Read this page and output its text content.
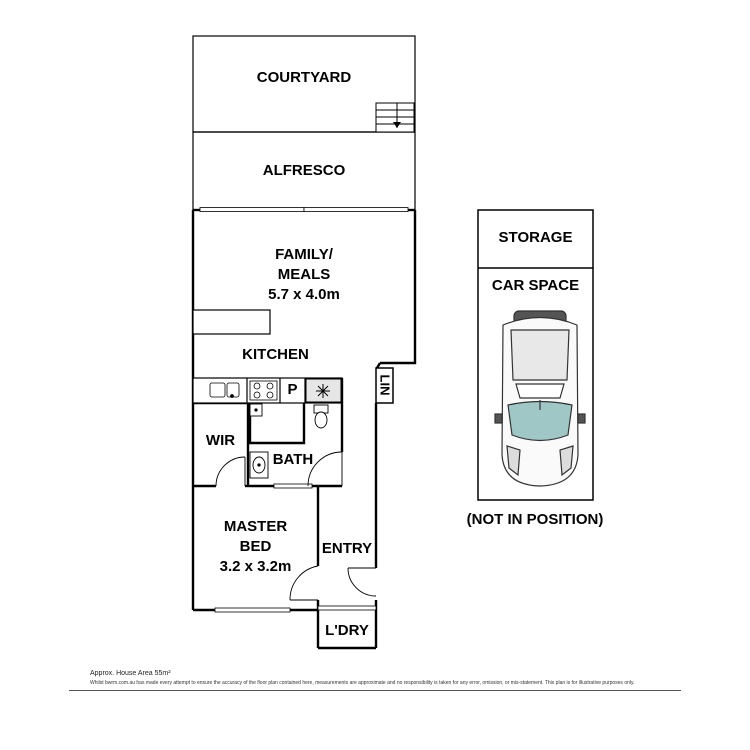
COURTYARD
ALFRESCO
FAMILY/
MEALS
5.7 x 4.0m
KITCHEN
P	LIN
WIR
BATH
MASTER
BED
3.2 x 3.2m
ENTRY
L'DRY
STORAGE
CAR SPACE
(NOT IN POSITION)
Approx. House Area 55m²
Whilst bwrm.com.au has made every attempt to ensure the accuracy of the floor plan contained here, measurements are approximate and no responsibility is taken for any error, omission, or mis-statement. This plan is for illustrative purposes only.
